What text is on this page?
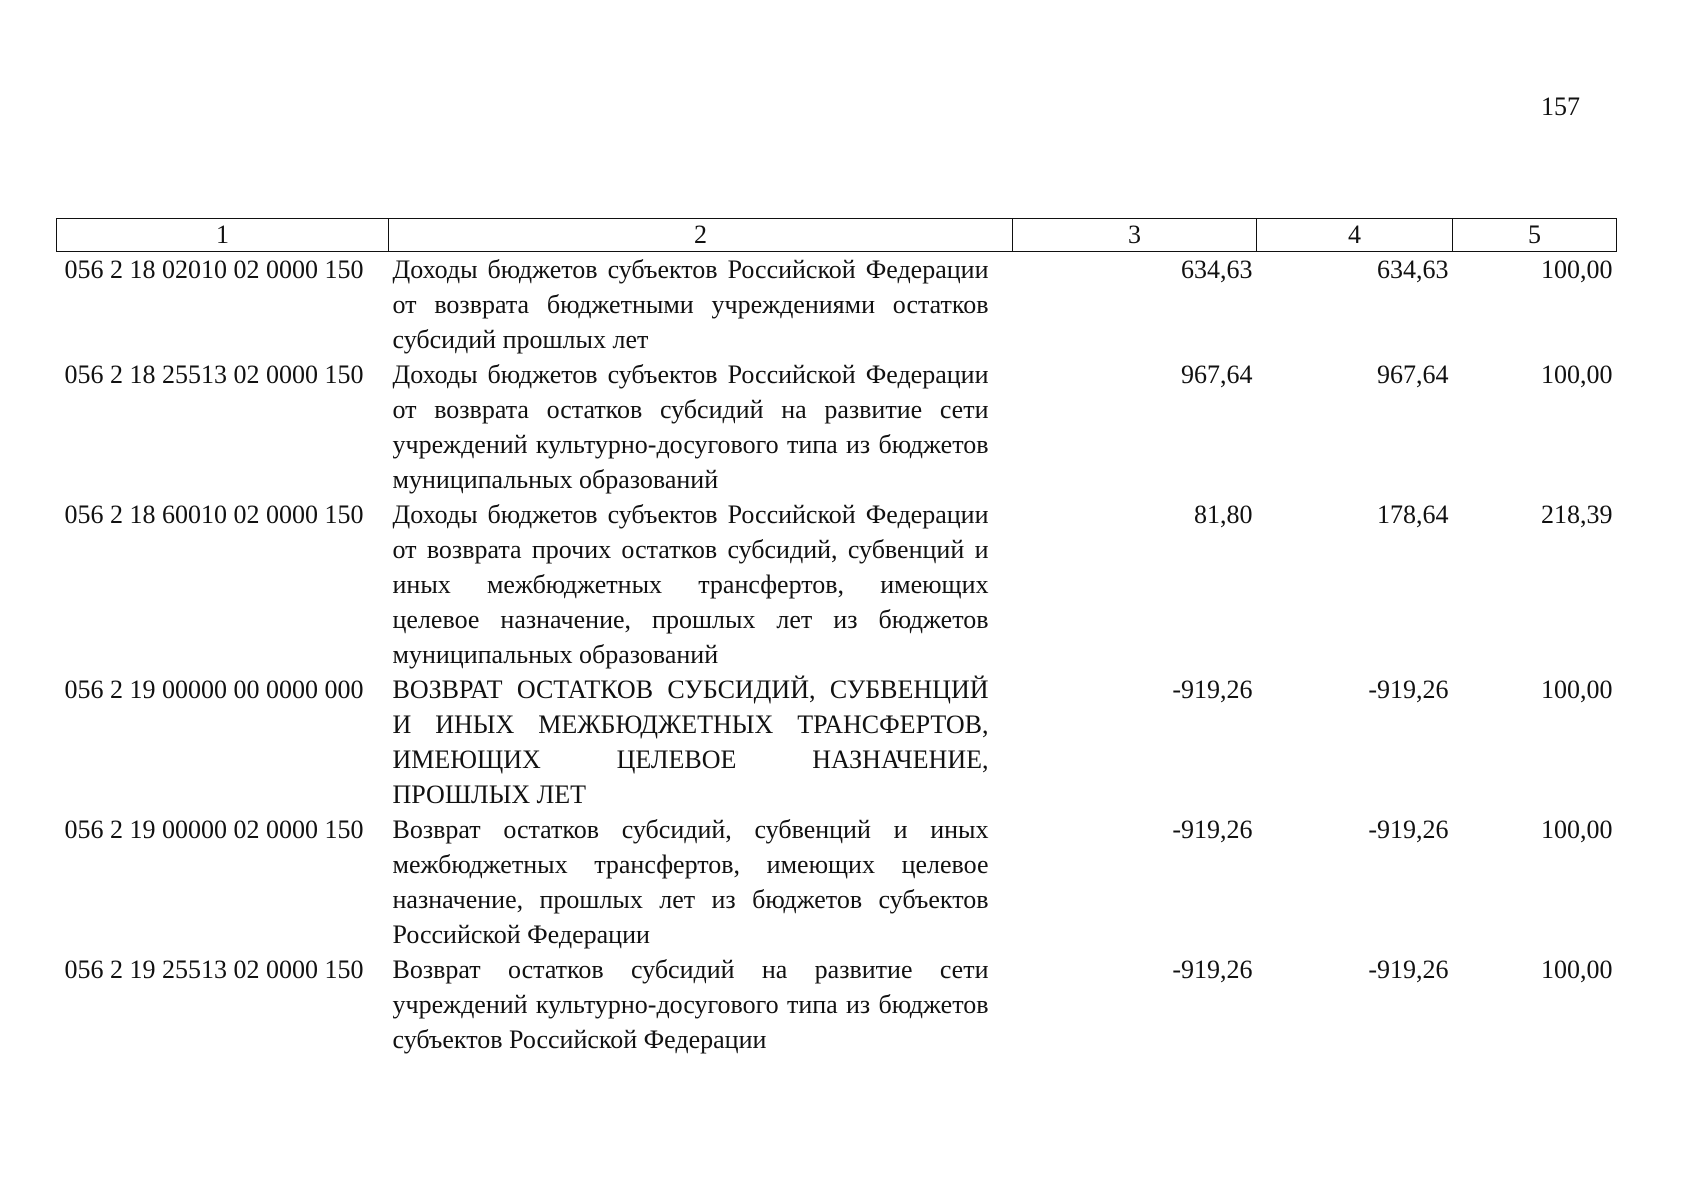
157
1	2	3	4	5
056 2 18 02010 02 0000 150	Доходы бюджетов субъектов Российской Федерации от возврата бюджетными учреждениями остатков субсидий прошлых лет	634,63	634,63	100,00
056 2 18 25513 02 0000 150	Доходы бюджетов субъектов Российской Федерации от возврата остатков субсидий на развитие сети учреждений культурно-досугового типа из бюджетов муниципальных образований	967,64	967,64	100,00
056 2 18 60010 02 0000 150	Доходы бюджетов субъектов Российской Федерации от возврата прочих остатков субсидий, субвенций и иных межбюджетных трансфертов, имеющих целевое назначение, прошлых лет из бюджетов муниципальных образований	81,80	178,64	218,39
056 2 19 00000 00 0000 000	ВОЗВРАТ ОСТАТКОВ СУБСИДИЙ, СУБВЕНЦИЙ И ИНЫХ МЕЖБЮДЖЕТНЫХ ТРАНСФЕРТОВ, ИМЕЮЩИХ ЦЕЛЕВОЕ НАЗНАЧЕНИЕ, ПРОШЛЫХ ЛЕТ	-919,26	-919,26	100,00
056 2 19 00000 02 0000 150	Возврат остатков субсидий, субвенций и иных межбюджетных трансфертов, имеющих целевое назначение, прошлых лет из бюджетов субъектов Российской Федерации	-919,26	-919,26	100,00
056 2 19 25513 02 0000 150	Возврат остатков субсидий на развитие сети учреждений культурно-досугового типа из бюджетов субъектов Российской Федерации	-919,26	-919,26	100,00
